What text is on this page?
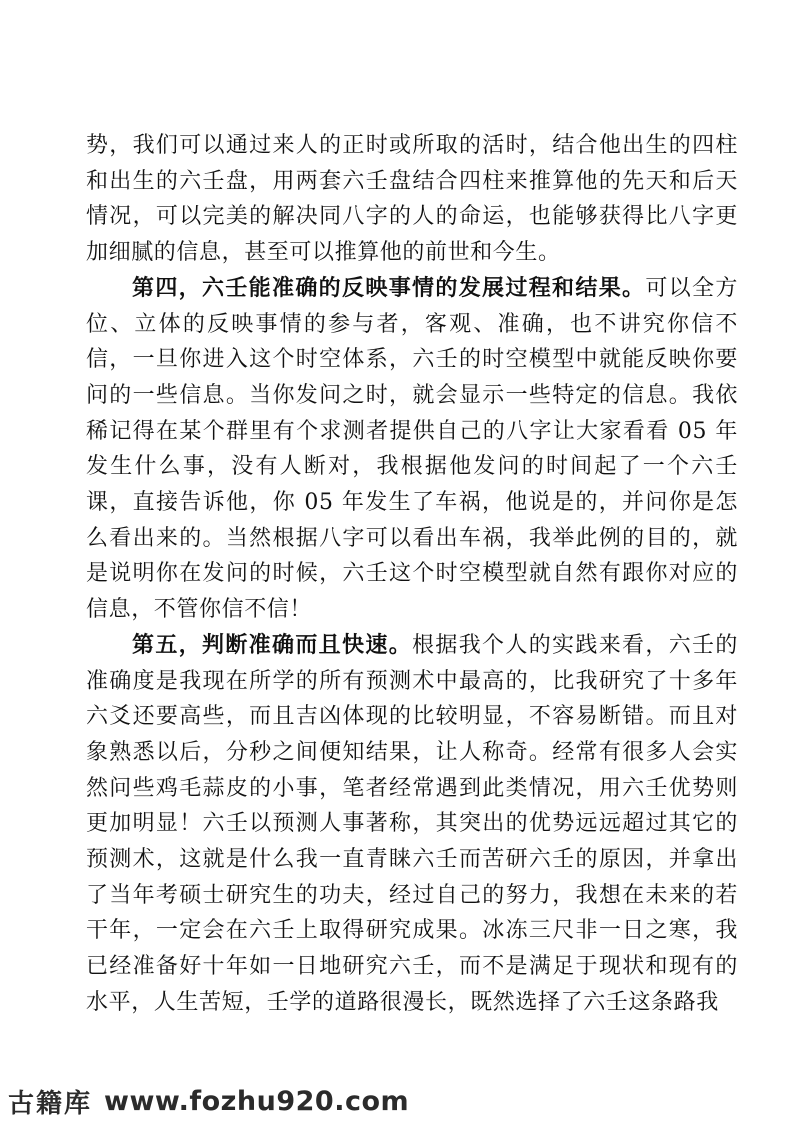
势，我们可以通过来人的正时或所取的活时，结合他出生的四柱和出生的六壬盘，用两套六壬盘结合四柱来推算他的先天和后天情况，可以完美的解决同八字的人的命运，也能够获得比八字更加细腻的信息，甚至可以推算他的前世和今生。

第四，六壬能准确的反映事情的发展过程和结果。可以全方位、立体的反映事情的参与者，客观、准确，也不讲究你信不信，一旦你进入这个时空体系，六壬的时空模型中就能反映你要问的一些信息。当你发问之时，就会显示一些特定的信息。我依稀记得在某个群里有个求测者提供自己的八字让大家看看 05 年发生什么事，没有人断对，我根据他发问的时间起了一个六壬课，直接告诉他，你 05 年发生了车祸，他说是的，并问你是怎么看出来的。当然根据八字可以看出车祸，我举此例的目的，就是说明你在发问的时候，六壬这个时空模型就自然有跟你对应的信息，不管你信不信！

第五，判断准确而且快速。根据我个人的实践来看，六壬的准确度是我现在所学的所有预测术中最高的，比我研究了十多年六爻还要高些，而且吉凶体现的比较明显，不容易断错。而且对象熟悉以后，分秒之间便知结果，让人称奇。经常有很多人会实然问些鸡毛蒜皮的小事，笔者经常遇到此类情况，用六壬优势则更加明显！六壬以预测人事著称，其突出的优势远远超过其它的预测术，这就是什么我一直青睐六壬而苦研六壬的原因，并拿出了当年考硕士研究生的功夫，经过自己的努力，我想在未来的若干年，一定会在六壬上取得研究成果。冰冻三尺非一日之寒，我已经准备好十年如一日地研究六壬，而不是满足于现状和现有的水平，人生苦短，壬学的道路很漫长，既然选择了六壬这条路我

古籍库 www.fozhu920.com
